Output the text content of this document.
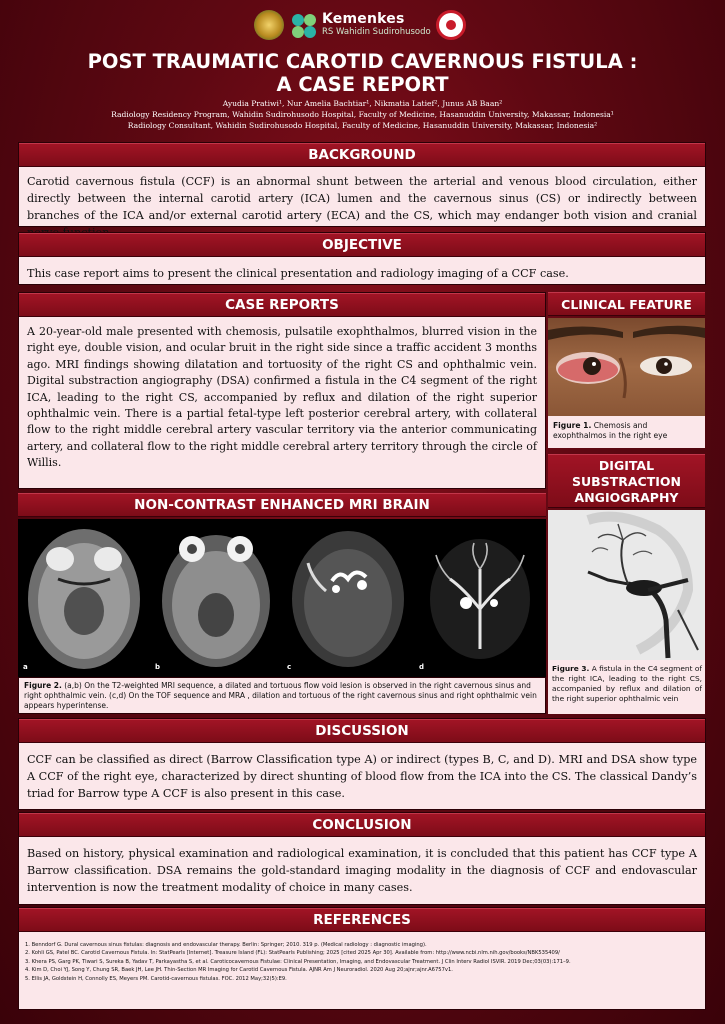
Kemenkes
RS Wahidin Sudirohusodo
POST TRAUMATIC CAROTID CAVERNOUS FISTULA :
A CASE REPORT
Ayudia Pratiwi¹, Nur Amelia Bachtiar¹, Nikmatia Latief², Junus AB Baan²
Radiology Residency Program, Wahidin Sudirohusodo Hospital, Faculty of Medicine, Hasanuddin University, Makassar, Indonesia¹
Radiology Consultant, Wahidin Sudirohusodo Hospital, Faculty of Medicine, Hasanuddin University, Makassar, Indonesia²
BACKGROUND
Carotid cavernous fistula (CCF) is an abnormal shunt between the arterial and venous blood circulation, either directly between the internal carotid artery (ICA) lumen and the cavernous sinus (CS) or indirectly between branches of the ICA and/or external carotid artery (ECA) and the CS, which may endanger both vision and cranial
OBJECTIVE
This case report aims to present the clinical presentation and radiology imaging of a CCF case.
CASE REPORTS
A 20-year-old male presented with chemosis, pulsatile exophthalmos, blurred vision in the right eye, double vision, and ocular bruit in the right side since a traffic accident 3 months ago. MRI findings showing dilatation and tortuosity of the right CS and ophthalmic vein. Digital substraction angiography (DSA) confirmed a fistula in the C4 segment of the right ICA, leading to the right CS, accompanied by reflux and dilation of the right superior ophthalmic vein. There is a partial fetal-type left posterior cerebral artery, with collateral flow to the right middle cerebral artery vascular territory via the anterior communicating artery, and collateral flow to the right middle cerebral artery territory through the circle of Willis.
CLINICAL FEATURE
Figure 1. Chemosis and exophthalmos in the right eye
DIGITAL
SUBSTRACTION
ANGIOGRAPHY
Figure 3. A fistula in the C4 segment of the right ICA, leading to the right CS, accompanied by reflux and dilation of the right superior ophthalmic vein
NON-CONTRAST ENHANCED MRI BRAIN
a	b	c	d
Figure 2. (a,b) On the T2-weighted MRI sequence, a dilated and tortuous flow void lesion is observed in the right cavernous sinus and right ophthalmic vein. (c,d) On the TOF sequence and MRA , dilation and tortuous of the right cavernous sinus and right ophthalmic vein appears hyperintense.
DISCUSSION
CCF can be classified as direct (Barrow Classification type A) or indirect (types B, C, and D). MRI and DSA show type A CCF of the right eye, characterized by direct shunting of blood flow from the ICA into the CS. The classical Dandy’s triad for Barrow type A CCF is also present in this case.
CONCLUSION
Based on history, physical examination and radiological examination, it is concluded that this patient has CCF type A Barrow classification. DSA remains the gold-standard imaging modality in the diagnosis of CCF and endovascular intervention is now the treatment modality of choice in many cases.
REFERENCES
1. Benndorf G. Dural cavernous sinus fistulas: diagnosis and endovascular therapy. Berlin: Springer; 2010. 319 p. (Medical radiology : diagnostic imaging).
2. Kohli GS, Patel BC. Carotid Cavernous Fistula. In: StatPearls [Internet]. Treasure Island (FL): StatPearls Publishing; 2025 [cited 2025 Apr 30]. Available from: http://www.ncbi.nlm.nih.gov/books/NBK535409/
3. Khera PS, Garg PK, Tiwari S, Sureka B, Yadav T, Parkayastha S, et al. Caroticocavernous Fistulae: Clinical Presentation, Imaging, and Endovascular Treatment. J Clin Interv Radiol ISVIR. 2019 Dec;03(03):171–9.
4. Kim D, Choi YJ, Song Y, Chung SR, Baek JH, Lee JH. Thin-Section MR Imaging for Carotid Cavernous Fistula. AJNR Am J Neuroradiol. 2020 Aug 20;ajnr;ajnr.A6757v1.
5. Ellis JA, Goldstein H, Connolly ES, Meyers PM. Carotid-cavernous fistulas. FOC. 2012 May;32(5):E9.
